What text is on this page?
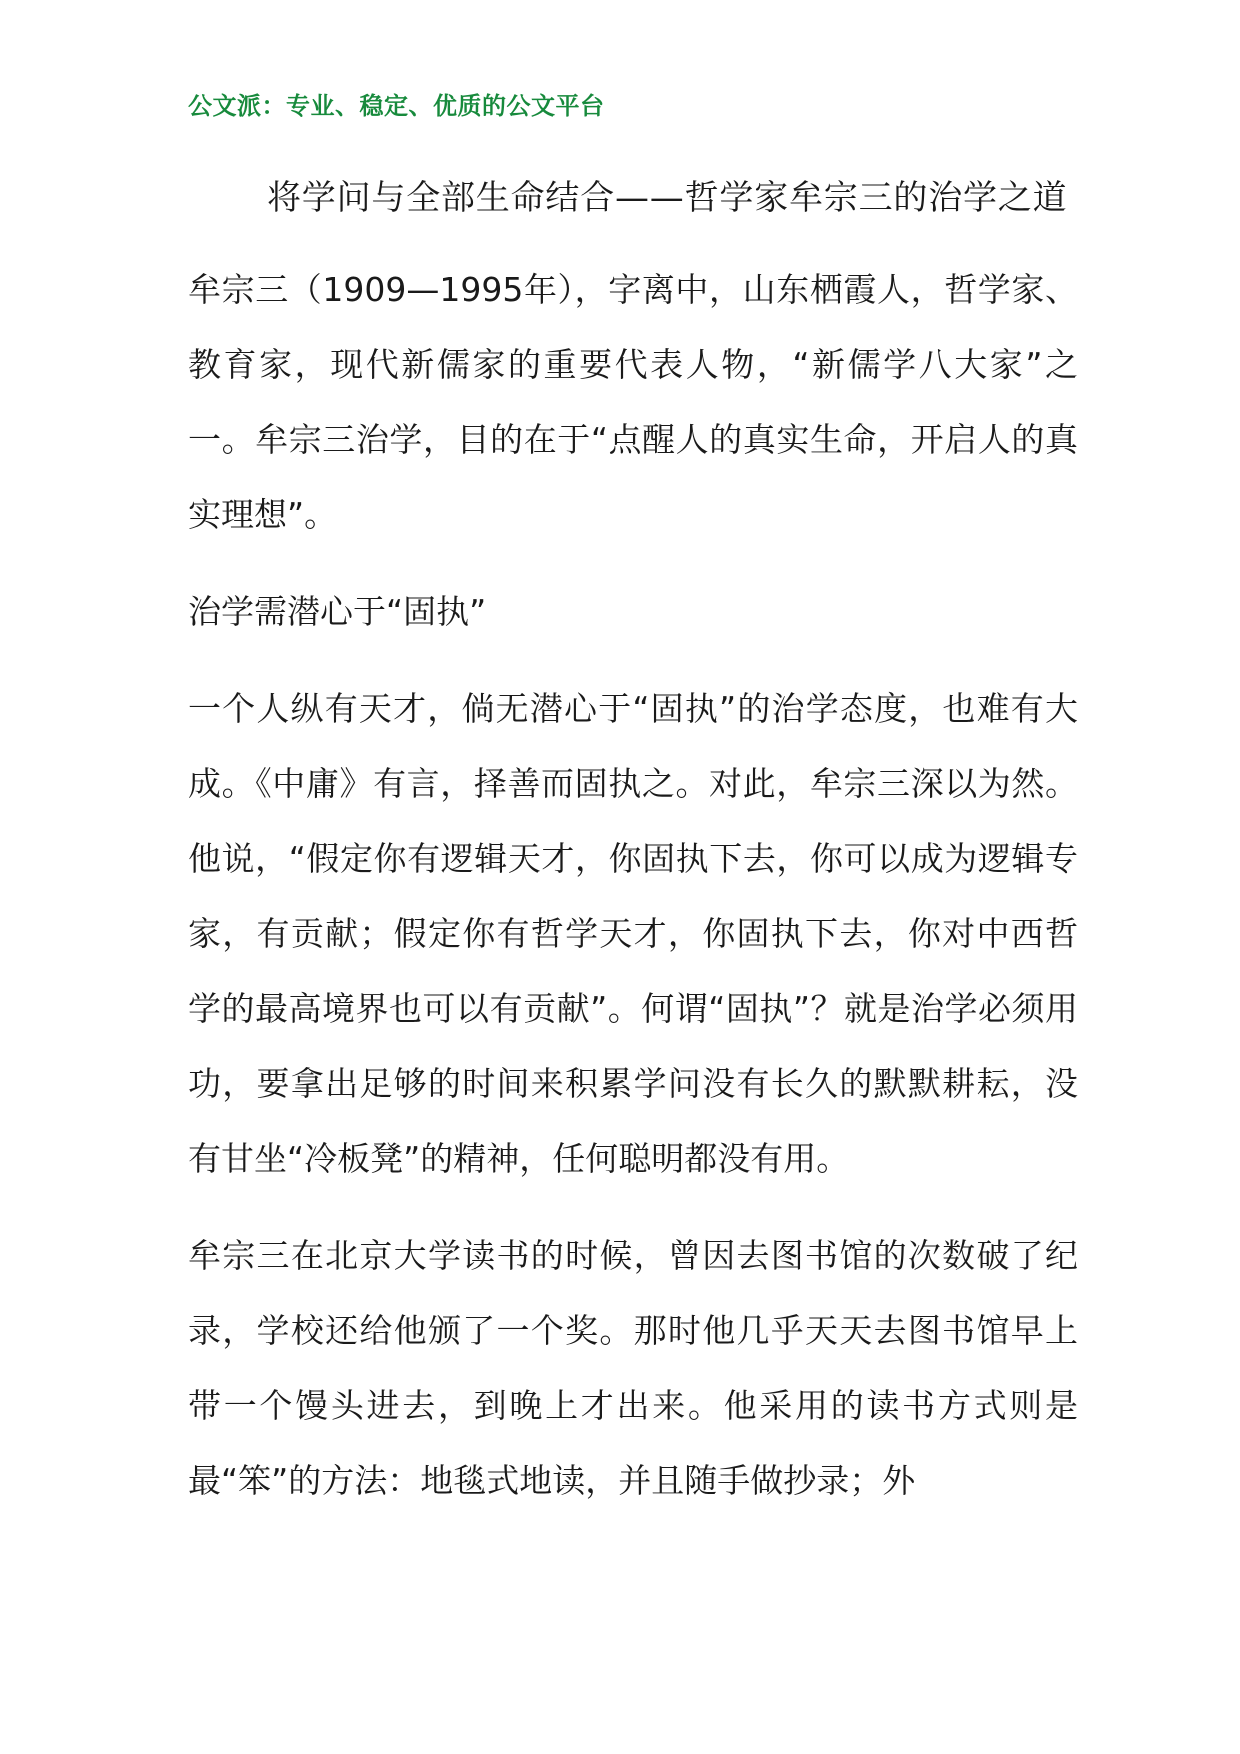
公文派：专业、稳定、优质的公文平台
将学问与全部生命结合——哲学家牟宗三的治学之道

牟宗三（1909—1995年），字离中，山东栖霞人，哲学家、教育家，现代新儒家的重要代表人物，“新儒学八大家”之一。牟宗三治学，目的在于“点醒人的真实生命，开启人的真实理想”。

治学需潜心于“固执”

一个人纵有天才，倘无潜心于“固执”的治学态度，也难有大成。《中庸》有言，择善而固执之。对此，牟宗三深以为然。他说，“假定你有逻辑天才，你固执下去，你可以成为逻辑专家，有贡献；假定你有哲学天才，你固执下去，你对中西哲学的最高境界也可以有贡献”。何谓“固执”？就是治学必须用功，要拿出足够的时间来积累学问没有长久的默默耕耘，没有甘坐“冷板凳”的精神，任何聪明都没有用。

牟宗三在北京大学读书的时候，曾因去图书馆的次数破了纪录，学校还给他颁了一个奖。那时他几乎天天去图书馆早上带一个馒头进去，到晚上才出来。他采用的读书方式则是最“笨”的方法：地毯式地读，并且随手做抄录；外
